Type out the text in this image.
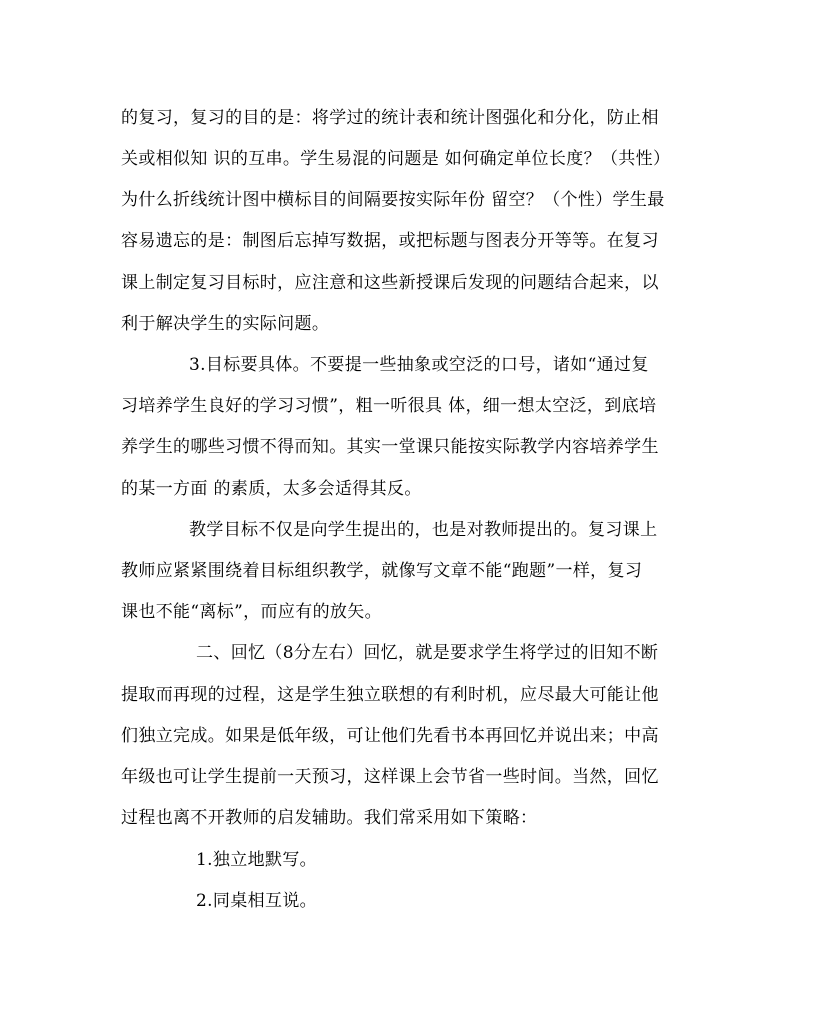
的复习，复习的目的是：将学过的统计表和统计图强化和分化，防止相
关或相似知 识的互串。学生易混的问题是 如何确定单位长度？（共性）
为什么折线统计图中横标目的间隔要按实际年份 留空？（个性）学生最
容易遗忘的是：制图后忘掉写数据，或把标题与图表分开等等。在复习
课上制定复习目标时，应注意和这些新授课后发现的问题结合起来，以
利于解决学生的实际问题。
3.目标要具体。不要提一些抽象或空泛的口号，诸如“通过复
习培养学生良好的学习习惯”，粗一听很具 体，细一想太空泛，到底培
养学生的哪些习惯不得而知。其实一堂课只能按实际教学内容培养学生
的某一方面 的素质，太多会适得其反。
教学目标不仅是向学生提出的，也是对教师提出的。复习课上
教师应紧紧围绕着目标组织教学，就像写文章不能“跑题”一样，复习
课也不能“离标”，而应有的放矢。
二、回忆（8分左右）回忆，就是要求学生将学过的旧知不断
提取而再现的过程，这是学生独立联想的有利时机，应尽最大可能让他
们独立完成。如果是低年级，可让他们先看书本再回忆并说出来；中高
年级也可让学生提前一天预习，这样课上会节省一些时间。当然，回忆
过程也离不开教师的启发辅助。我们常采用如下策略：
1.独立地默写。
2.同桌相互说。
